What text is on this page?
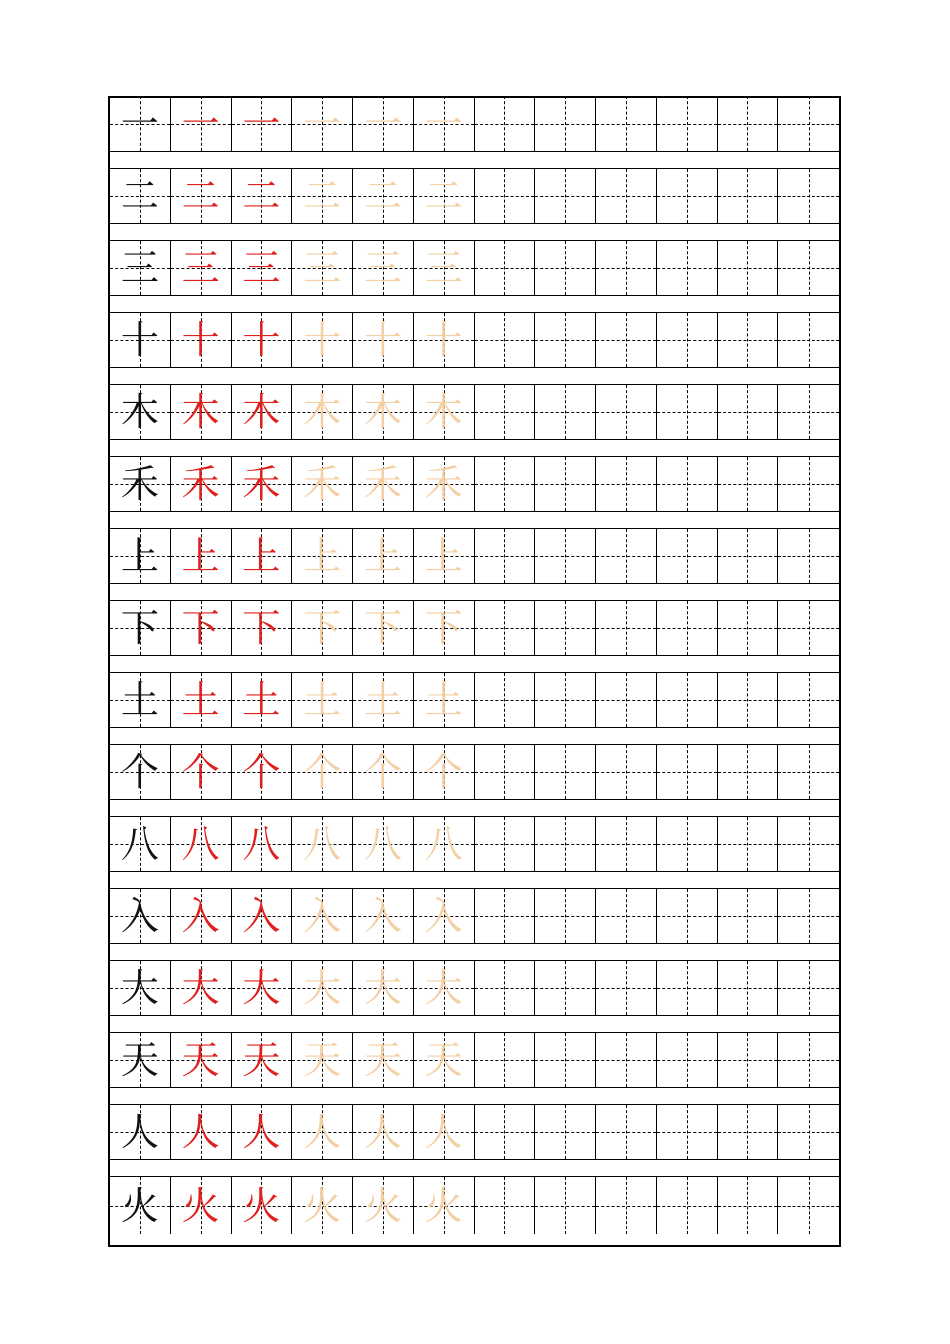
一 一 一 一 一 一
二 二 二 二 二 二
三 三 三 三 三 三
十 十 十 十 十 十
木 木 木 木 木 木
禾 禾 禾 禾 禾 禾
上 上 上 上 上 上
下 下 下 下 下 下
土 土 土 土 土 土
个 个 个 个 个 个
八 八 八 八 八 八
入 入 入 入 入 入
大 大 大 大 大 大
天 天 天 天 天 天
人 人 人 人 人 人
火 火 火 火 火 火
